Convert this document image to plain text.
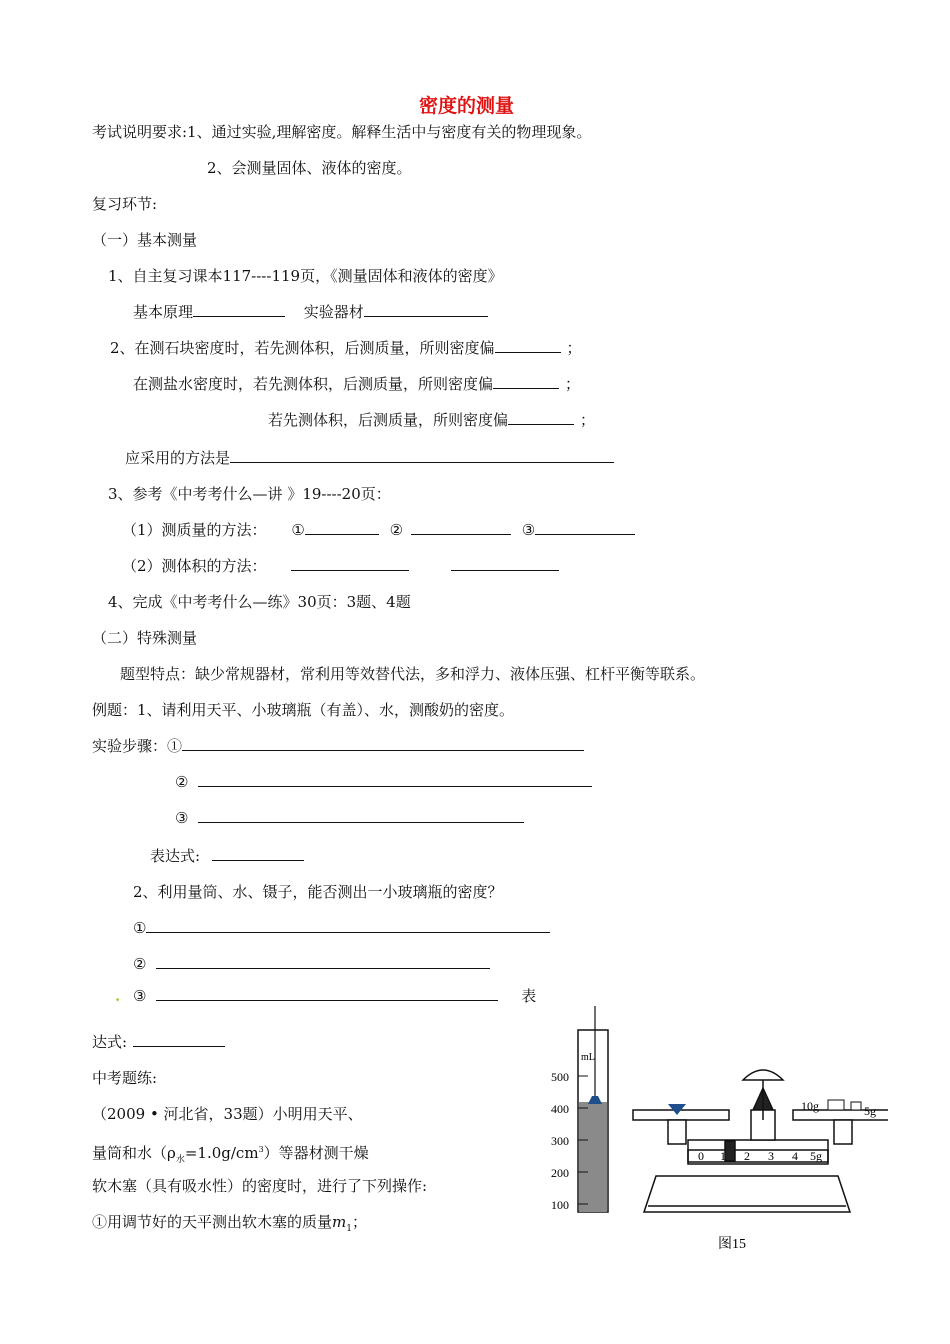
密度的测量
考试说明要求:1、通过实验,理解密度。解释生活中与密度有关的物理现象。
2、会测量固体、液体的密度。
复习环节:
（一）基本测量
1、自主复习课本117----119页，《测量固体和液体的密度》
基本原理	实验器材
2、在测石块密度时，若先测体积，后测质量，所则密度偏	；
在测盐水密度时，若先测体积，后测质量，所则密度偏	；
若先测体积，后测质量，所则密度偏	；
应采用的方法是
3、参考《中考考什么—讲 》19----20页：
（1）测质量的方法： ①	②	③
（2）测体积的方法：
4、完成《中考考什么—练》30页：3题、4题
（二）特殊测量
题型特点：缺少常规器材，常利用等效替代法，多和浮力、液体压强、杠杆平衡等联系。
例题：1、请利用天平、小玻璃瓶（有盖）、水，测酸奶的密度。
实验步骤：①
②
③
表达式:
2、利用量筒、水、镊子，能否测出一小玻璃瓶的密度？
①
②
. ③	表
达式:
中考题练:
（2009 • 河北省，33题）小明用天平、
量筒和水$(\rho_水=1.0g/cm^3)$等器材测干燥
软木塞（具有吸水性）的密度时，进行了下列操作:
①用调节好的天平测出软木塞的质量$m_1$；
mL
500
400
300
200
100
10g	5g
0 1 2 3 4 5g
图15
